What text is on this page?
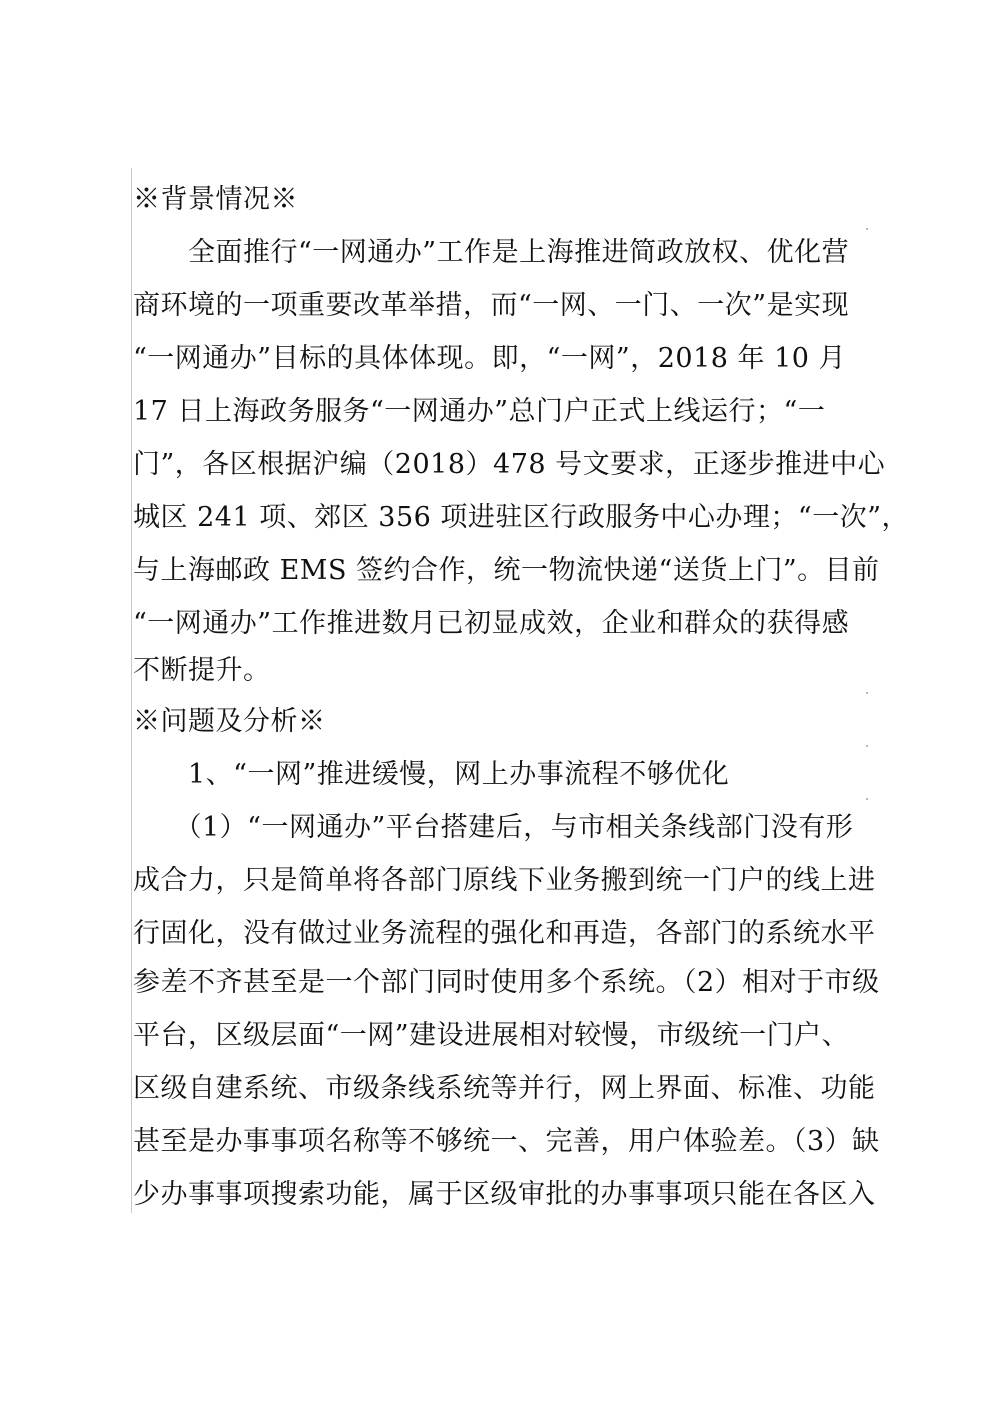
※背景情况※
　　全面推行“一网通办”工作是上海推进简政放权、优化营
商环境的一项重要改革举措，而“一网、一门、一次”是实现
“一网通办”目标的具体体现。即，“一网”，2018 年 10 月
17 日上海政务服务“一网通办”总门户正式上线运行；“一
门”，各区根据沪编（2018）478 号文要求，正逐步推进中心
城区 241 项、郊区 356 项进驻区行政服务中心办理；“一次”，
与上海邮政 EMS 签约合作，统一物流快递“送货上门”。目前
“一网通办”工作推进数月已初显成效，企业和群众的获得感
不断提升。
※问题及分析※
　　1、“一网”推进缓慢，网上办事流程不够优化
　　（1）“一网通办”平台搭建后，与市相关条线部门没有形
成合力，只是简单将各部门原线下业务搬到统一门户的线上进
行固化，没有做过业务流程的强化和再造，各部门的系统水平
参差不齐甚至是一个部门同时使用多个系统。（2）相对于市级
平台，区级层面“一网”建设进展相对较慢，市级统一门户、
区级自建系统、市级条线系统等并行，网上界面、标准、功能
甚至是办事事项名称等不够统一、完善，用户体验差。（3）缺
少办事事项搜索功能，属于区级审批的办事事项只能在各区入
